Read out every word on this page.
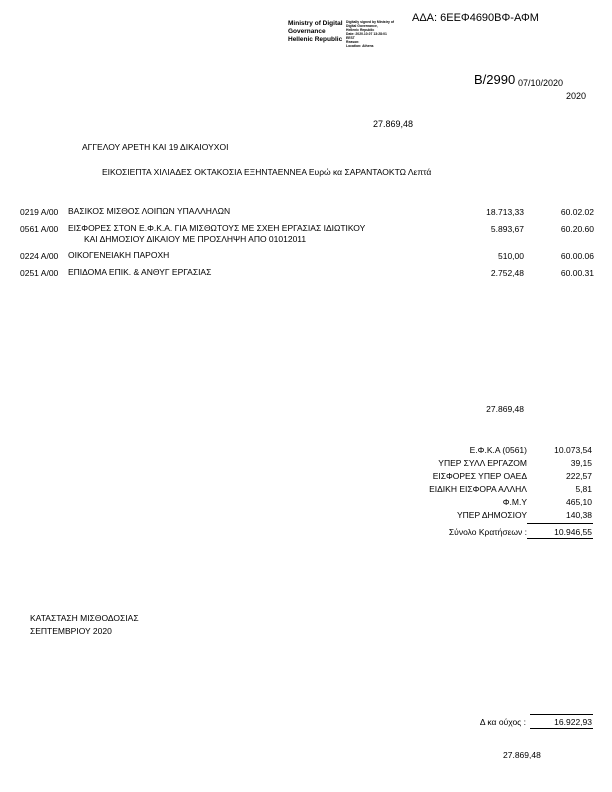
ΑΔΑ: 6ΕΕΦ4690ΒΦ-ΑΦΜ
Ministry of Digital
Governance
Hellenic Republic
Digitally signed by Ministry of
Digital Governance,
Hellenic Republic
Date: 2020.10.07 13:28:01
EEST
Reason:
Location: Athens
Β/2990 07/10/2020
2020
27.869,48
ΑΓΓΕΛΟΥ ΑΡΕΤΗ ΚΑΙ 19 ΔΙΚΑΙΟΥΧΟΙ
ΕΙΚΟΣΙΕΠΤΑ ΧΙΛΙΑΔΕΣ ΟΚΤΑΚΟΣΙΑ ΕΞΗΝΤΑΕΝΝΕΑ Ευρώ κα ΣΑΡΑΝΤΑΟΚΤΩ Λεπτά
0219 Α/00	ΒΑΣΙΚΟΣ ΜΙΣΘΟΣ ΛΟΙΠΩΝ ΥΠΑΛΛΗΛΩΝ	18.713,33	60.02.02
0561 Α/00	ΕΙΣΦΟΡΕΣ ΣΤΟΝ Ε.Φ.Κ.Α. ΓΙΑ ΜΙΣΘΩΤΟΥΣ ΜΕ ΣΧΕΗ ΕΡΓΑΣΙΑΣ ΙΔΙΩΤΙΚΟΥ
ΚΑΙ ΔΗΜΟΣΙΟΥ ΔΙΚΑΙΟΥ ΜΕ ΠΡΟΣΛΗΨΗ ΑΠΟ 01012011
5.893,67	60.20.60
0224 Α/00	ΟΙΚΟΓΕΝΕΙΑΚΗ ΠΑΡΟΧΗ	510,00	60.00.06
0251 Α/00	ΕΠΙΔΟΜΑ ΕΠΙΚ. & ΑΝΘΥΓ ΕΡΓΑΣΙΑΣ	2.752,48	60.00.31
27.869,48
Ε.Φ.Κ.Α (0561)	10.073,54
ΥΠΕΡ ΣΥΛΛ ΕΡΓΑΖΟΜ	39,15
ΕΙΣΦΟΡΕΣ ΥΠΕΡ ΟΑΕΔ	222,57
ΕΙΔΙΚΗ ΕΙΣΦΟΡΑ ΑΛΛΗΛ	5,81
Φ.Μ.Υ	465,10
ΥΠΕΡ ΔΗΜΟΣΙΟΥ	140,38
Σύνολο Κρατήσεων :	10.946,55
ΚΑΤΑΣΤΑΣΗ ΜΙΣΘΟΔΟΣΙΑΣ
ΣΕΠΤΕΜΒΡΙΟΥ 2020
Δ κα ούχος :	16.922,93
27.869,48
